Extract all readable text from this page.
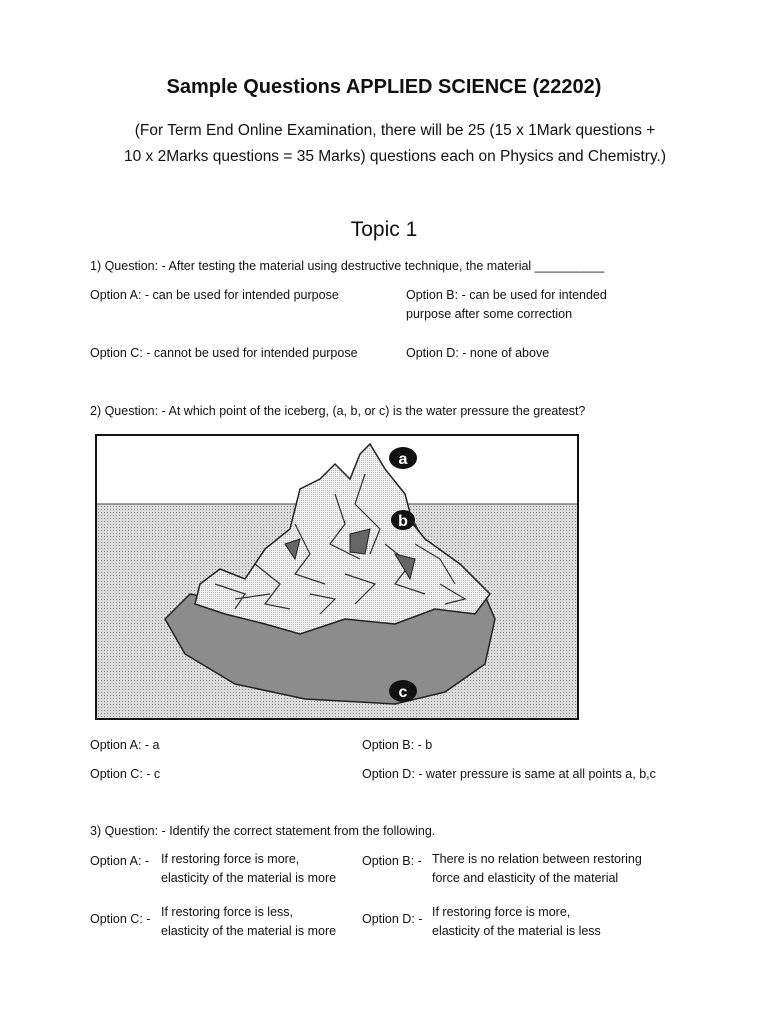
Sample Questions APPLIED SCIENCE (22202)
(For Term End Online Examination, there will be 25 (15 x 1Mark questions +
10 x 2Marks questions = 35 Marks) questions each on Physics and Chemistry.)
Topic 1
1) Question: - After testing the material using destructive technique, the material __________
Option A: - can be used for intended purpose	Option B: - can be used for intended
purpose after some correction
Option C: - cannot be used for intended purpose	Option D: - none of above
2) Question: - At which point of the iceberg, (a, b, or c) is the water pressure the greatest?
a
b
c
Option A: - a	Option B: - b
Option C: - c	Option D: - water pressure is same at all points a, b,c
3) Question: - Identify the correct statement from the following.
Option A: - If restoring force is more,
elasticity of the material is more
Option B: - There is no relation between restoring
force and elasticity of the material
Option C: - If restoring force is less,
elasticity of the material is more
Option D: - If restoring force is more,
elasticity of the material is less
